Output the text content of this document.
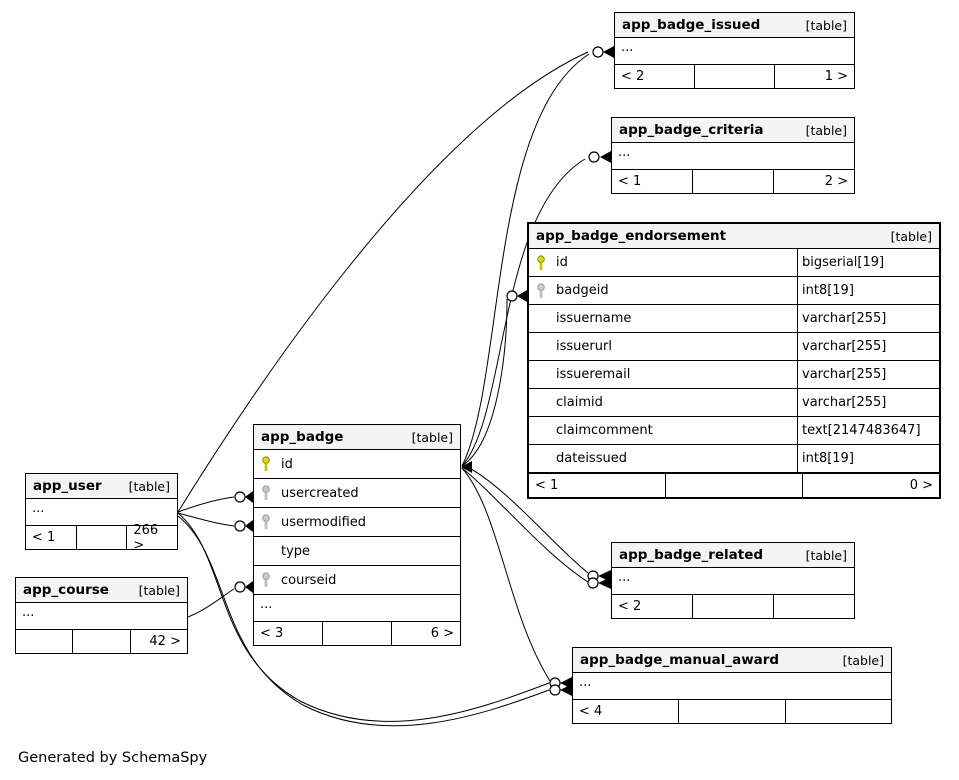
app_badge_issued	[table]
...
< 2	1 >
app_badge_criteria	[table]
...
< 1	2 >
app_badge_endorsement	[table]
id	bigserial[19]
badgeid	int8[19]
issuername	varchar[255]
issuerurl	varchar[255]
issueremail	varchar[255]
claimid	varchar[255]
claimcomment	text[2147483647]
dateissued	int8[19]
< 1	0 >
app_badge	[table]
id
usercreated
usermodified
type
courseid
...
< 3	6 >
app_user [table]
...
< 1	266 >
app_course [table]
...
42 >
app_badge_related	[table]
...
< 2
app_badge_manual_award	[table]
...
< 4
Generated by SchemaSpy
